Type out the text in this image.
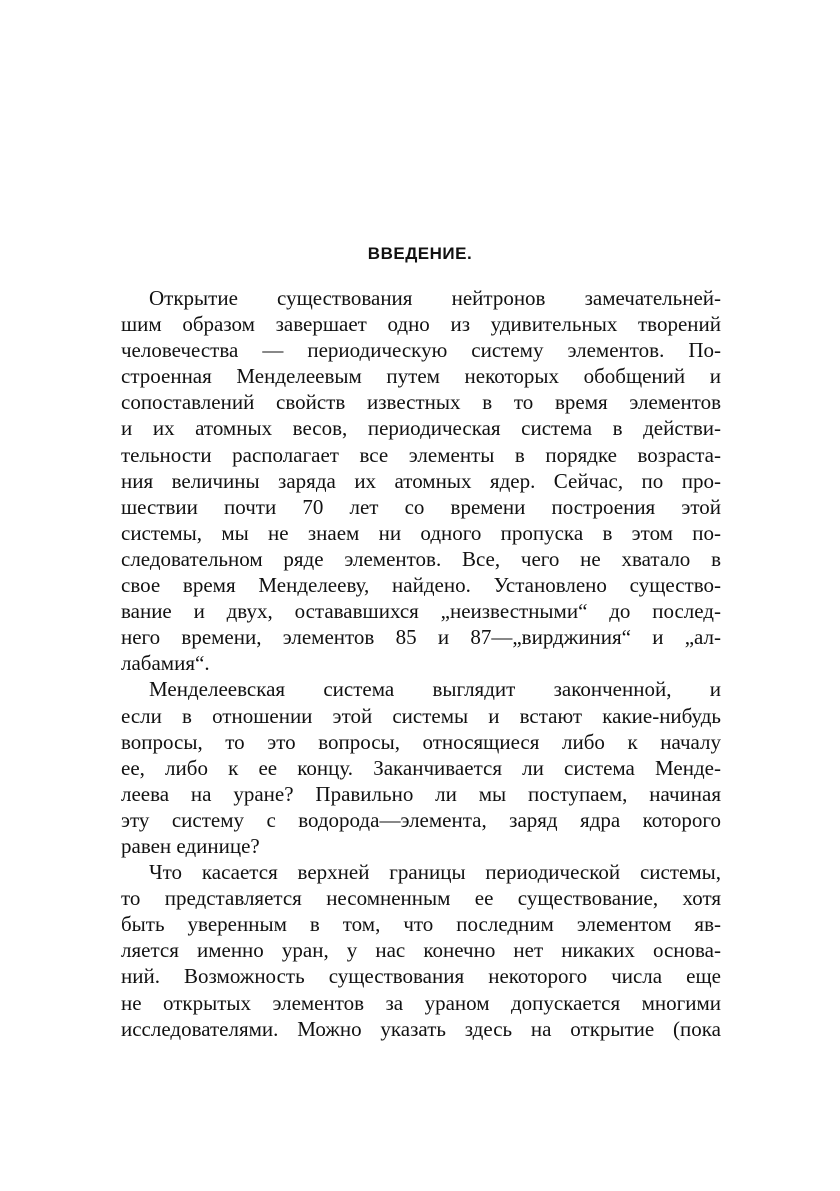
ВВЕДЕНИЕ.
Открытие существования нейтронов замечательней-
шим образом завершает одно из удивительных творений
человечества — периодическую систему элементов. По-
строенная Менделеевым путем некоторых обобщений и
сопоставлений свойств известных в то время элементов
и их атомных весов, периодическая система в действи-
тельности располагает все элементы в порядке возраста-
ния величины заряда их атомных ядер. Сейчас, по про-
шествии почти 70 лет со времени построения этой
системы, мы не знаем ни одного пропуска в этом по-
следовательном ряде элементов. Все, чего не хватало в
свое время Менделееву, найдено. Установлено существо-
вание и двух, остававшихся „неизвестными“ до послед-
него времени, элементов 85 и 87—„вирджиния“ и „ал-
лабамия“.
Менделеевская система выглядит законченной, и
если в отношении этой системы и встают какие-нибудь
вопросы, то это вопросы, относящиеся либо к началу
ее, либо к ее концу. Заканчивается ли система Менде-
леева на уране? Правильно ли мы поступаем, начиная
эту систему с водорода—элемента, заряд ядра которого
равен единице?
Что касается верхней границы периодической системы,
то представляется несомненным ее существование, хотя
быть уверенным в том, что последним элементом яв-
ляется именно уран, у нас конечно нет никаких основа-
ний. Возможность существования некоторого числа еще
не открытых элементов за ураном допускается многими
исследователями. Можно указать здесь на открытие (пока
